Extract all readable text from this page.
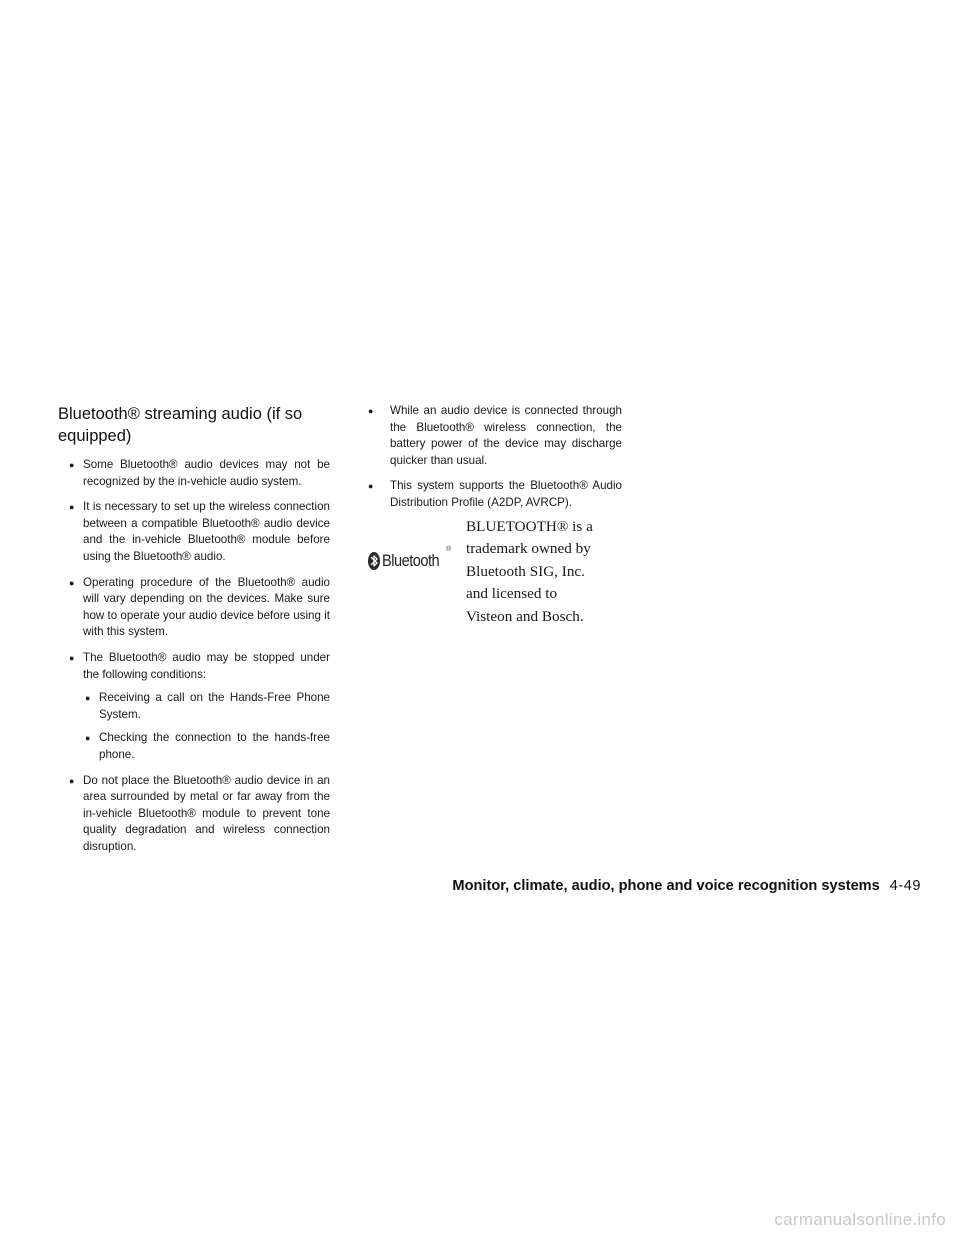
Bluetooth® streaming audio (if so equipped)
● Some Bluetooth® audio devices may not be recognized by the in-vehicle audio system.
● It is necessary to set up the wireless connection between a compatible Bluetooth® audio device and the in-vehicle Bluetooth® module before using the Bluetooth® audio.
● Operating procedure of the Bluetooth® audio will vary depending on the devices. Make sure how to operate your audio device before using it with this system.
● The Bluetooth® audio may be stopped under the following conditions:
● Receiving a call on the Hands-Free Phone System.
● Checking the connection to the hands-free phone.
● Do not place the Bluetooth® audio device in an area surrounded by metal or far away from the in-vehicle Bluetooth® module to prevent tone quality degradation and wireless connection disruption.
● While an audio device is connected through the Bluetooth® wireless connection, the battery power of the device may discharge quicker than usual.
● This system supports the Bluetooth® Audio Distribution Profile (A2DP, AVRCP).
Bluetooth
®
BLUETOOTH® is a
trademark owned by
Bluetooth SIG, Inc.
and licensed to
Visteon and Bosch.
Monitor, climate, audio, phone and voice recognition systems 4-49
carmanualsonline.info
